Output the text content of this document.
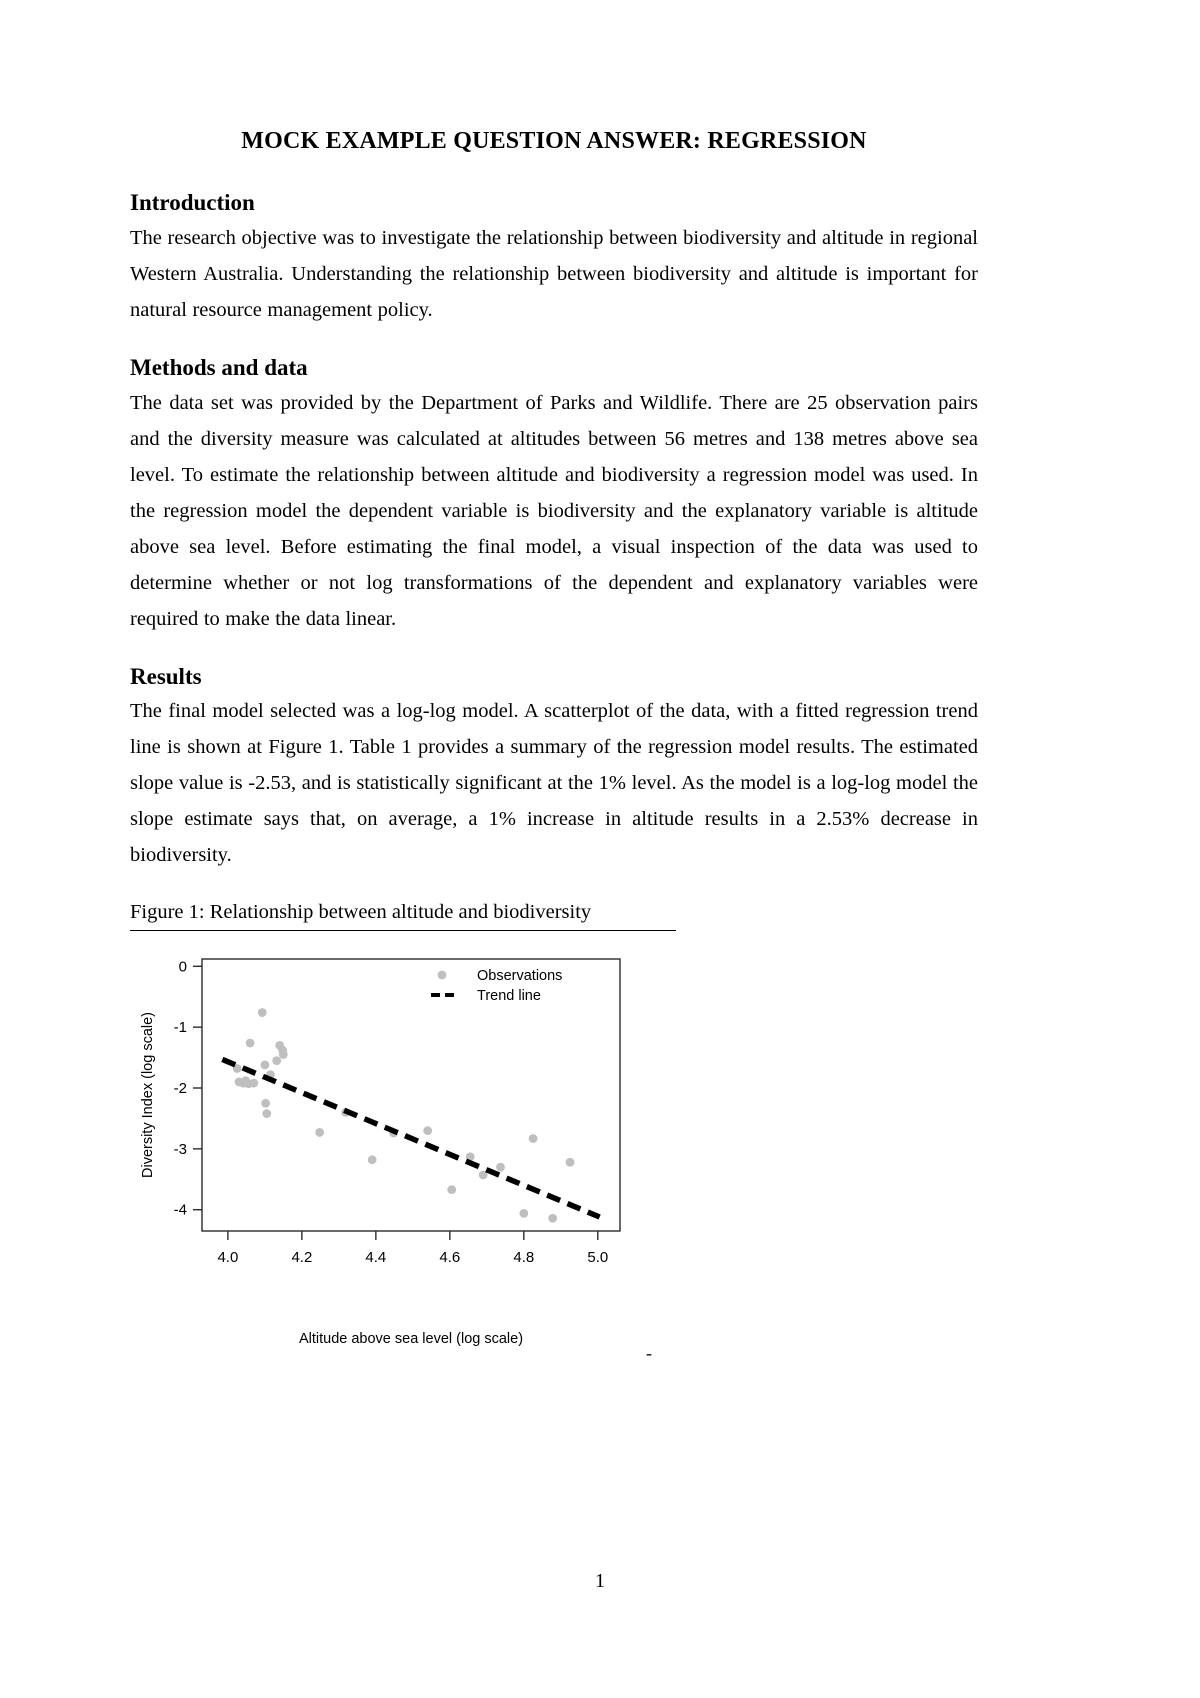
MOCK EXAMPLE QUESTION ANSWER: REGRESSION
Introduction

The research objective was to investigate the relationship between biodiversity and altitude in regional Western Australia. Understanding the relationship between biodiversity and altitude is important for natural resource management policy.

Methods and data

The data set was provided by the Department of Parks and Wildlife. There are 25 observation pairs and the diversity measure was calculated at altitudes between 56 metres and 138 metres above sea level. To estimate the relationship between altitude and biodiversity a regression model was used. In the regression model the dependent variable is biodiversity and the explanatory variable is altitude above sea level. Before estimating the final model, a visual inspection of the data was used to determine whether or not log transformations of the dependent and explanatory variables were required to make the data linear.

Results

The final model selected was a log-log model. A scatterplot of the data, with a fitted regression trend line is shown at Figure 1. Table 1 provides a summary of the regression model results. The estimated slope value is -2.53, and is statistically significant at the 1% level. As the model is a log-log model the slope estimate says that, on average, a 1% increase in altitude results in a 2.53% decrease in biodiversity.

Figure 1: Relationship between altitude and biodiversity
0
-1
-2
-3
-4
4.0	4.2	4.4	4.6	4.8	5.0
Observations
Trend line
Diversity Index (log scale)
Altitude above sea level (log scale)
-
1
